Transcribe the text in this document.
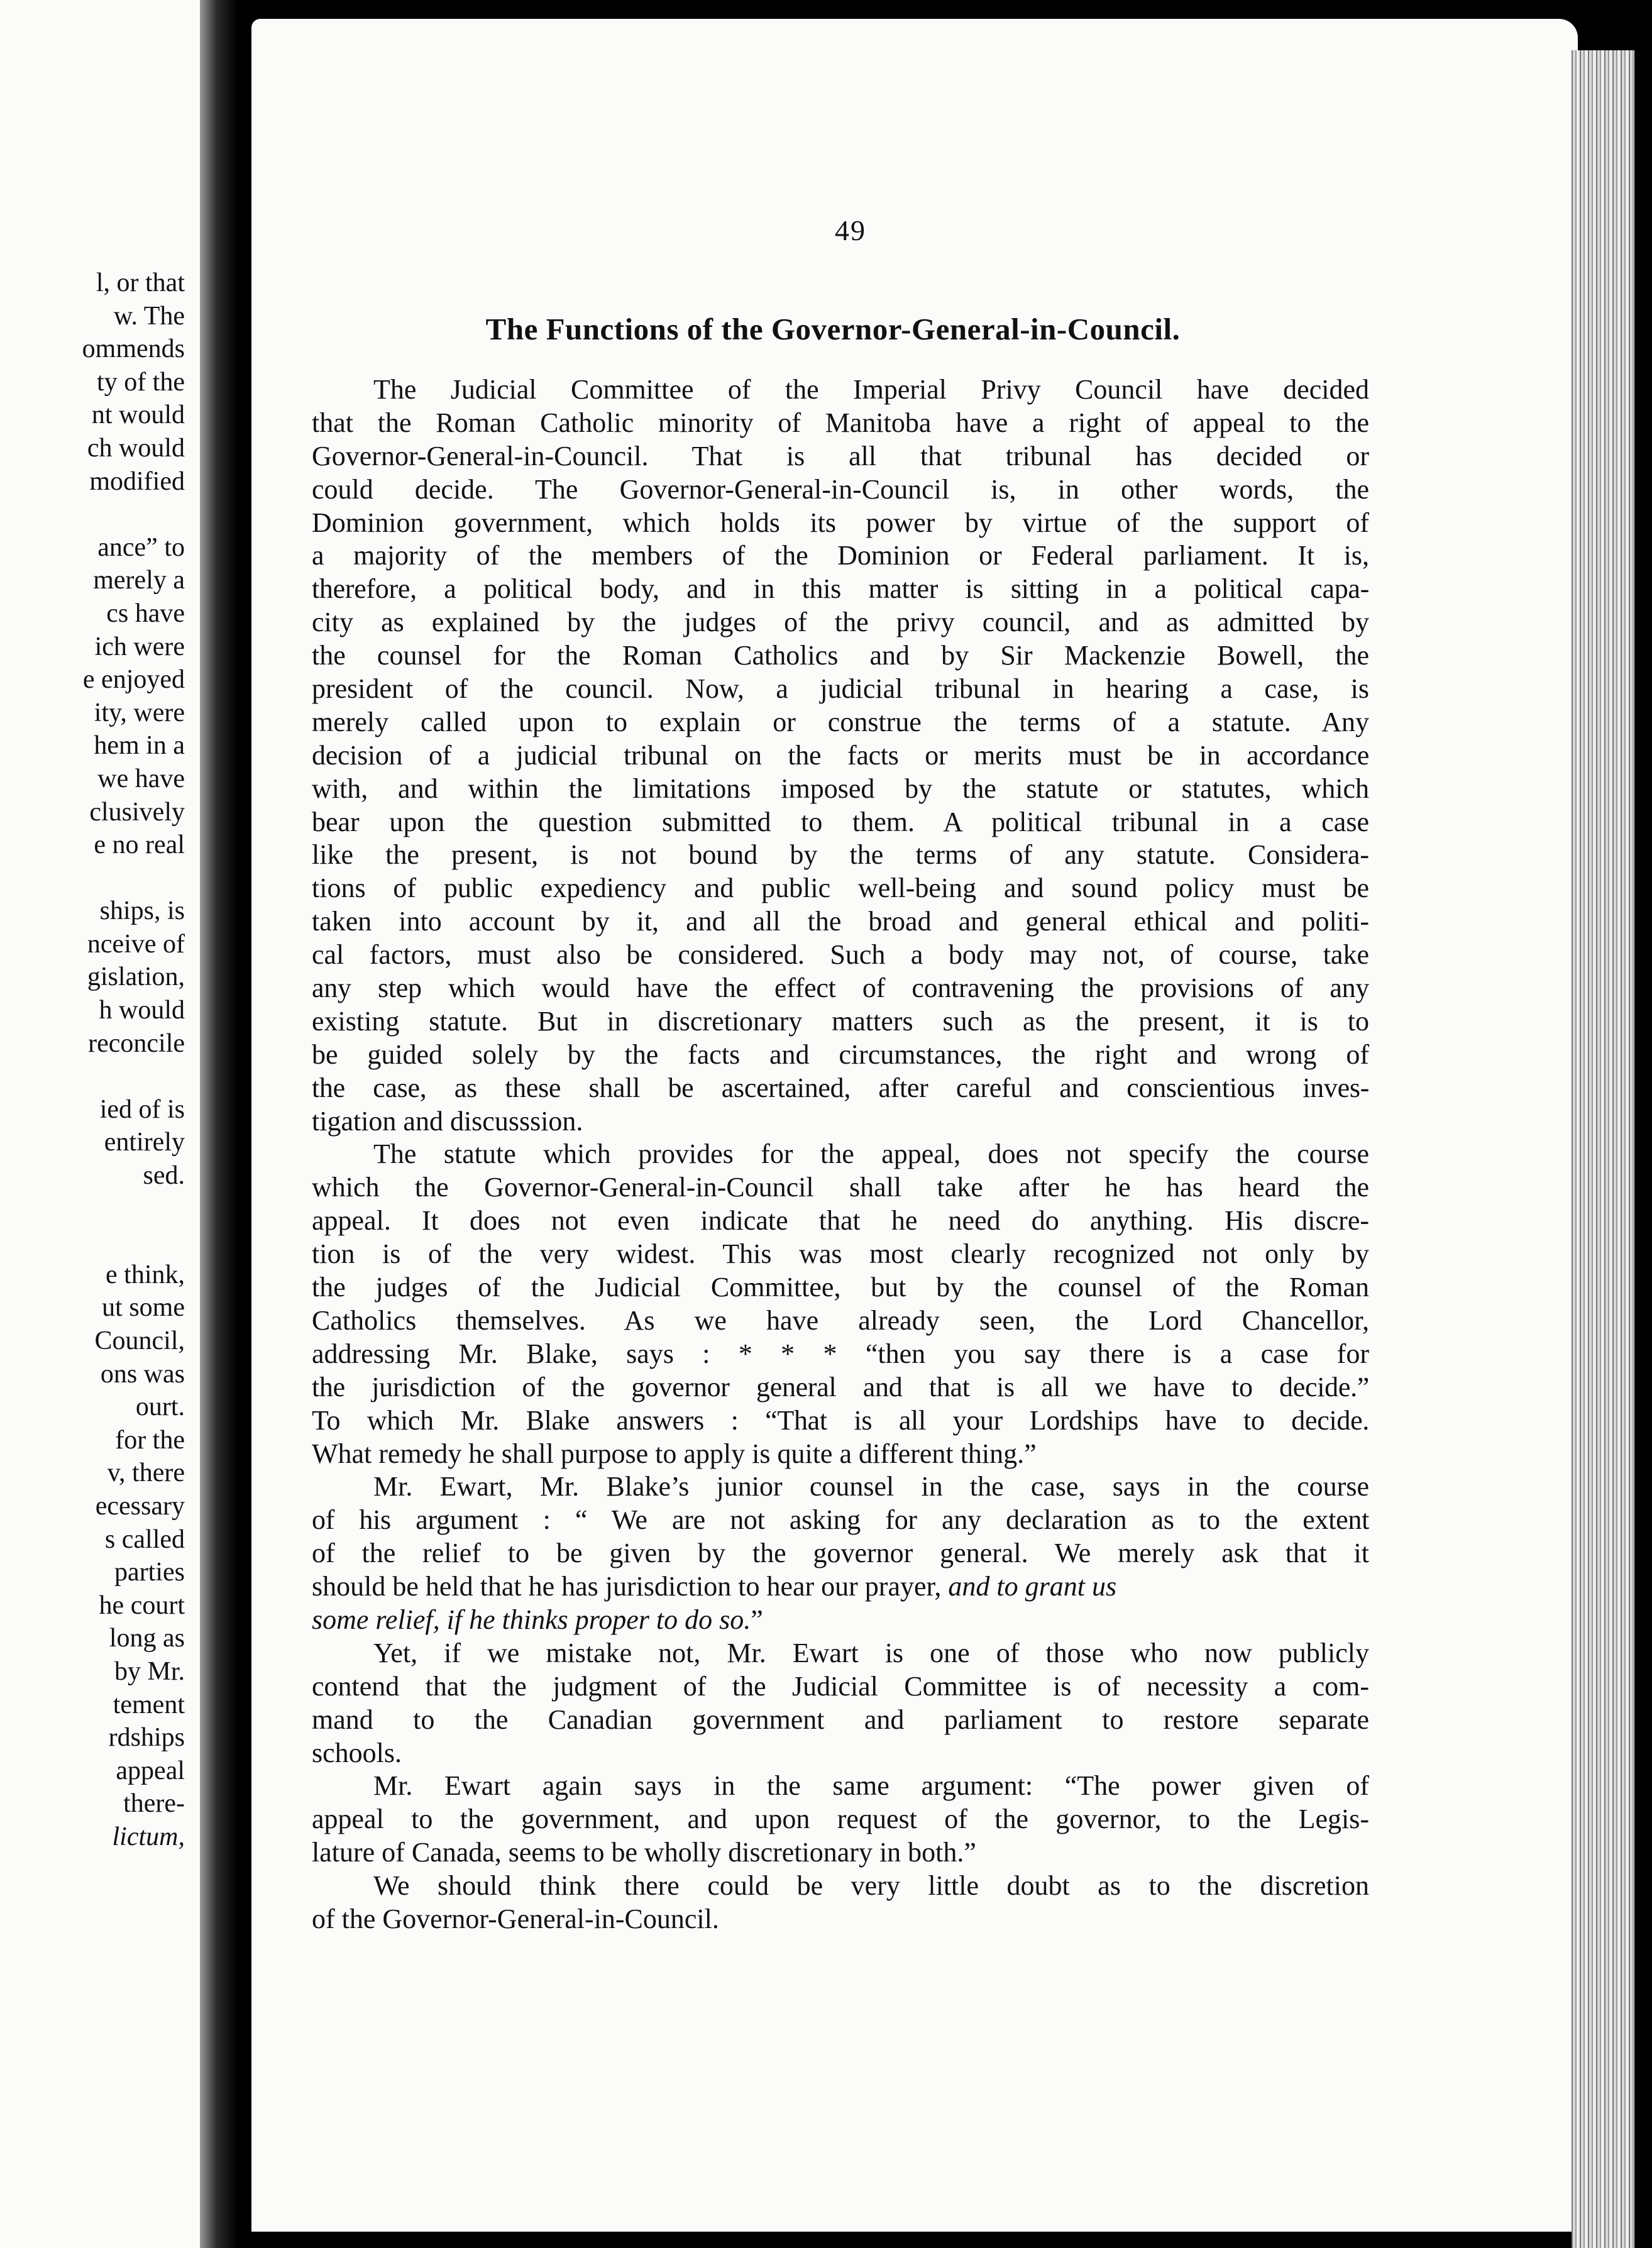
l, or that
w. The
ommends
ty of the
nt would
ch would
modified
ance” to
merely a
cs have
ich were
e enjoyed
ity, were
hem in a
we have
clusively
e no real
ships, is
nceive of
gislation,
h would
reconcile
ied of is
entirely
sed.
e think,
ut some
Council,
ons was
ourt.
for the
v, there
ecessary
s called
parties
he court
long as
by Mr.
tement
rdships
appeal
there-
lictum,
49
The Functions of the Governor-General-in-Council.
The Judicial Committee of the Imperial Privy Council have decided
that the Roman Catholic minority of Manitoba have a right of appeal to the
Governor-General-in-Council. That is all that tribunal has decided or
could decide. The Governor-General-in-Council is, in other words, the
Dominion government, which holds its power by virtue of the support of
a majority of the members of the Dominion or Federal parliament. It is,
therefore, a political body, and in this matter is sitting in a political capa-
city as explained by the judges of the privy council, and as admitted by
the counsel for the Roman Catholics and by Sir Mackenzie Bowell, the
president of the council. Now, a judicial tribunal in hearing a case, is
merely called upon to explain or construe the terms of a statute. Any
decision of a judicial tribunal on the facts or merits must be in accordance
with, and within the limitations imposed by the statute or statutes, which
bear upon the question submitted to them. A political tribunal in a case
like the present, is not bound by the terms of any statute. Considera-
tions of public expediency and public well-being and sound policy must be
taken into account by it, and all the broad and general ethical and politi-
cal factors, must also be considered. Such a body may not, of course, take
any step which would have the effect of contravening the provisions of any
existing statute. But in discretionary matters such as the present, it is to
be guided solely by the facts and circumstances, the right and wrong of
the case, as these shall be ascertained, after careful and conscientious inves-
tigation and discusssion.
The statute which provides for the appeal, does not specify the course
which the Governor-General-in-Council shall take after he has heard the
appeal. It does not even indicate that he need do anything. His discre-
tion is of the very widest. This was most clearly recognized not only by
the judges of the Judicial Committee, but by the counsel of the Roman
Catholics themselves. As we have already seen, the Lord Chancellor,
addressing Mr. Blake, says : * * * “then you say there is a case for
the jurisdiction of the governor general and that is all we have to decide.”
To which Mr. Blake answers : “That is all your Lordships have to decide.
What remedy he shall purpose to apply is quite a different thing.”
Mr. Ewart, Mr. Blake’s junior counsel in the case, says in the course
of his argument : “ We are not asking for any declaration as to the extent
of the relief to be given by the governor general. We merely ask that it
should be held that he has jurisdiction to hear our prayer, and to grant us
some relief, if he thinks proper to do so.”
Yet, if we mistake not, Mr. Ewart is one of those who now publicly
contend that the judgment of the Judicial Committee is of necessity a com-
mand to the Canadian government and parliament to restore separate
schools.
Mr. Ewart again says in the same argument: “The power given of
appeal to the government, and upon request of the governor, to the Legis-
lature of Canada, seems to be wholly discretionary in both.”
We should think there could be very little doubt as to the discretion
of the Governor-General-in-Council.
